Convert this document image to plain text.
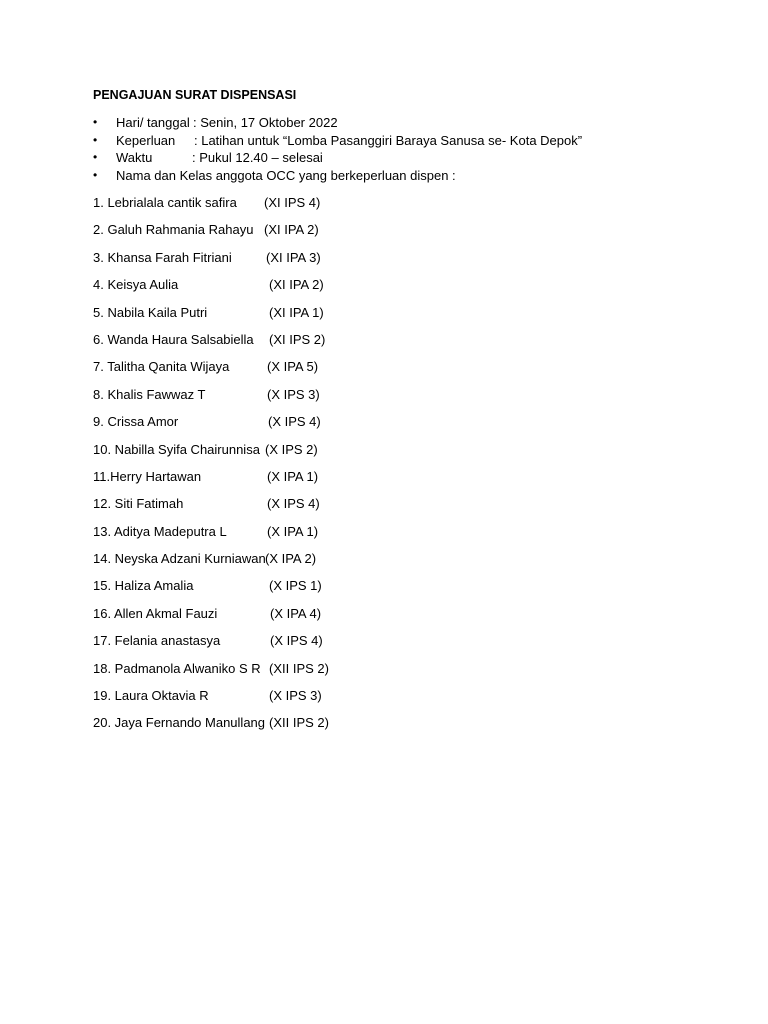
PENGAJUAN SURAT DISPENSASI
•	Hari/ tanggal : Senin, 17 Oktober 2022
•	Keperluan : Latihan untuk “Lomba Pasanggiri Baraya Sanusa se- Kota Depok”
•	Waktu	: Pukul 12.40 – selesai
•	Nama dan Kelas anggota OCC yang berkeperluan dispen :
1. Lebrialala cantik safira (XI IPS 4)
2. Galuh Rahmania Rahayu (XI IPA 2)
3. Khansa Farah Fitriani	(XI IPA 3)
4. Keisya Aulia	(XI IPA 2)
5. Nabila Kaila Putri	(XI IPA 1)
6. Wanda Haura Salsabiella (XI IPS 2)
7. Talitha Qanita Wijaya	(X IPA 5)
8. Khalis Fawwaz T	(X IPS 3)
9. Crissa Amor	(X IPS 4)
10. Nabilla Syifa Chairunnisa (X IPS 2)
11.Herry Hartawan	(X IPA 1)
12. Siti Fatimah	(X IPS 4)
13. Aditya Madeputra L	(X IPA 1)
14. Neyska Adzani Kurniawan (X IPA 2)
15. Haliza Amalia	(X IPS 1)
16. Allen Akmal Fauzi	(X IPA 4)
17. Felania anastasya	(X IPS 4)
18. Padmanola Alwaniko S R (XII IPS 2)
19. Laura Oktavia R	(X IPS 3)
20. Jaya Fernando Manullang (XII IPS 2)
